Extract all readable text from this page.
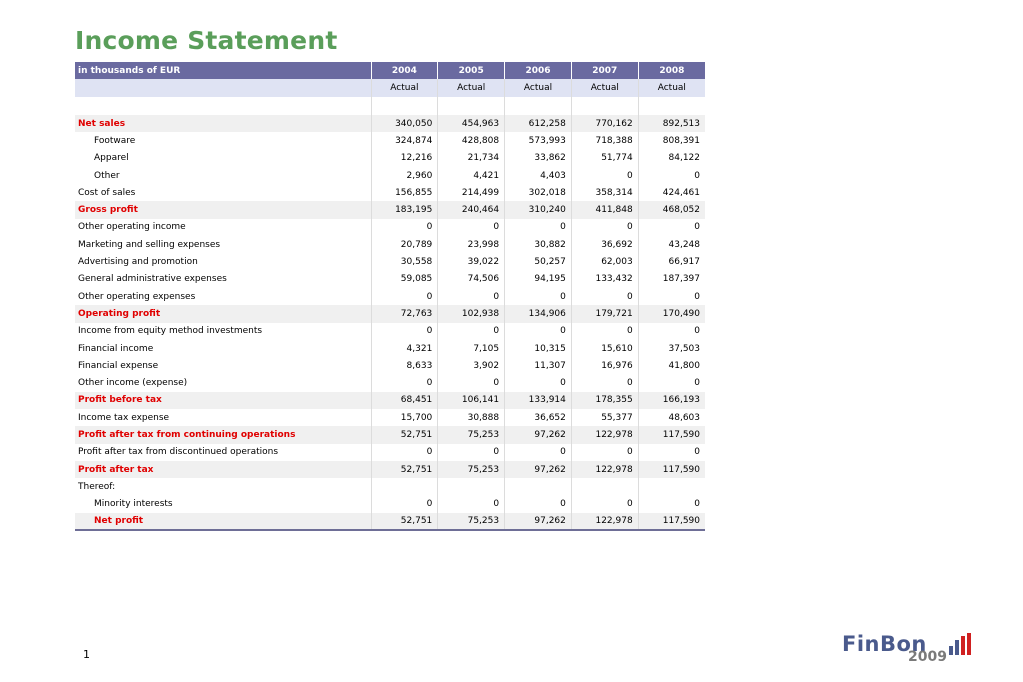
Income Statement
in thousands of EUR	2004	2005	2006	2007	2008
	Actual	Actual	Actual	Actual	Actual

Net sales	340,050	454,963	612,258	770,162	892,513
Footware	324,874	428,808	573,993	718,388	808,391
Apparel	12,216	21,734	33,862	51,774	84,122
Other	2,960	4,421	4,403	0	0
Cost of sales	156,855	214,499	302,018	358,314	424,461
Gross profit	183,195	240,464	310,240	411,848	468,052
Other operating income	0	0	0	0	0
Marketing and selling expenses	20,789	23,998	30,882	36,692	43,248
Advertising and promotion	30,558	39,022	50,257	62,003	66,917
General administrative expenses	59,085	74,506	94,195	133,432	187,397
Other operating expenses	0	0	0	0	0
Operating profit	72,763	102,938	134,906	179,721	170,490
Income from equity method investments	0	0	0	0	0
Financial income	4,321	7,105	10,315	15,610	37,503
Financial expense	8,633	3,902	11,307	16,976	41,800
Other income (expense)	0	0	0	0	0
Profit before tax	68,451	106,141	133,914	178,355	166,193
Income tax expense	15,700	30,888	36,652	55,377	48,603
Profit after tax from continuing operations	52,751	75,253	97,262	122,978	117,590
Profit after tax from discontinued operations	0	0	0	0	0
Profit after tax	52,751	75,253	97,262	122,978	117,590
Thereof:					
Minority interests	0	0	0	0	0
Net profit	52,751	75,253	97,262	122,978	117,590
1	FinBon
2009
